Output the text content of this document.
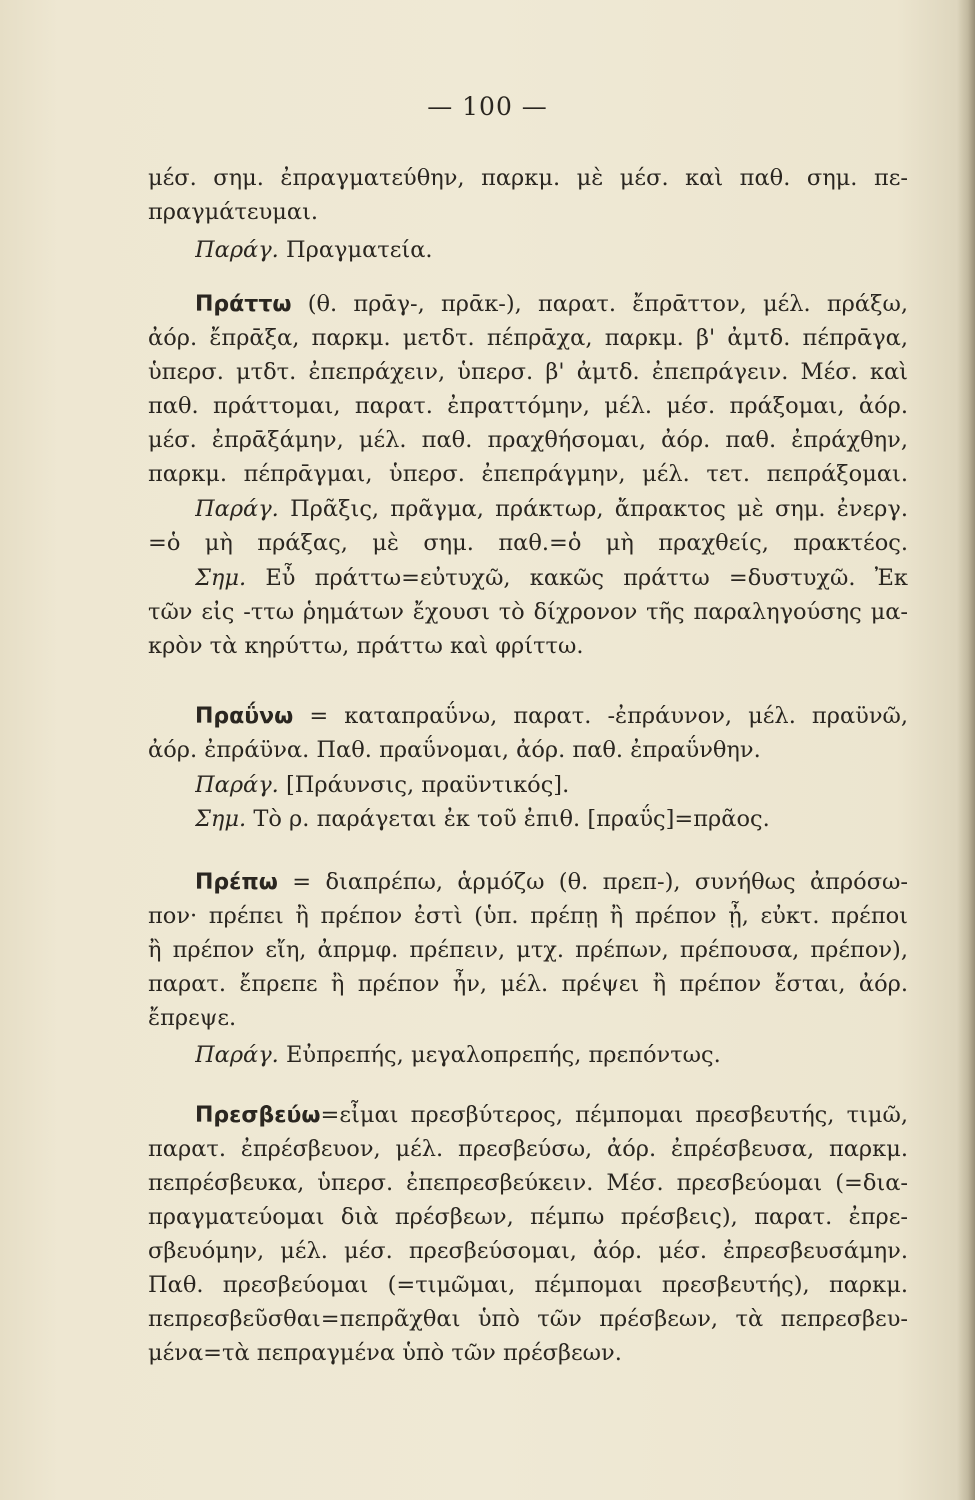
— 100 —
μέσ. σημ. ἐπραγματεύθην, παρκμ. μὲ μέσ. καὶ παθ. σημ. πε-
πραγμάτευμαι.
Παράγ. Πραγματεία.
Πράττω (θ. πρᾱγ-, πρᾱκ-), παρατ. ἔπρᾱττον, μέλ. πράξω,
ἀόρ. ἔπρᾱξα, παρκμ. μετδτ. πέπρᾱχα, παρκμ. β' ἀμτδ. πέπρᾱγα,
ὑπερσ. μτδτ. ἐπεπράχειν, ὑπερσ. β' ἀμτδ. ἐπεπράγειν. Μέσ. καὶ
παθ. πράττομαι, παρατ. ἐπραττόμην, μέλ. μέσ. πράξομαι, ἀόρ.
μέσ. ἐπρᾱξάμην, μέλ. παθ. πραχθήσομαι, ἀόρ. παθ. ἐπράχθην,
παρκμ. πέπρᾱγμαι, ὑπερσ. ἐπεπράγμην, μέλ. τετ. πεπράξομαι.
Παράγ. Πρᾶξις, πρᾶγμα, πράκτωρ, ἄπρακτος μὲ σημ. ἐνεργ.
=ὁ μὴ πράξας, μὲ σημ. παθ.=ὁ μὴ πραχθείς, πρακτέος.
Σημ. Εὖ πράττω=εὐτυχῶ, κακῶς πράττω =δυστυχῶ. Ἐκ
τῶν εἰς -ττω ῥημάτων ἔχουσι τὸ δίχρονον τῆς παραληγούσης μα-
κρὸν τὰ κηρύττω, πράττω καὶ φρίττω.
Πραΰνω = καταπραΰνω, παρατ. -ἐπράυνον, μέλ. πραϋνῶ,
ἀόρ. ἐπράϋνα. Παθ. πραΰνομαι, ἀόρ. παθ. ἐπραΰνθην.
Παράγ. [Πράυνσις, πραϋντικός].
Σημ. Τὸ ρ. παράγεται ἐκ τοῦ ἐπιθ. [πραΰς]=πρᾶος.
Πρέπω = διαπρέπω, ἁρμόζω (θ. πρεπ-), συνήθως ἀπρόσω-
πον· πρέπει ἢ πρέπον ἐστὶ (ὑπ. πρέπῃ ἢ πρέπον ᾖ, εὐκτ. πρέποι
ἢ πρέπον εἴη, ἀπρμφ. πρέπειν, μτχ. πρέπων, πρέπουσα, πρέπον),
παρατ. ἔπρεπε ἢ πρέπον ἦν, μέλ. πρέψει ἢ πρέπον ἔσται, ἀόρ.
ἔπρεψε.
Παράγ. Εὐπρεπής, μεγαλοπρεπής, πρεπόντως.
Πρεσβεύω=εἶμαι πρεσβύτερος, πέμπομαι πρεσβευτής, τιμῶ,
παρατ. ἐπρέσβευον, μέλ. πρεσβεύσω, ἀόρ. ἐπρέσβευσα, παρκμ.
πεπρέσβευκα, ὑπερσ. ἐπεπρεσβεύκειν. Μέσ. πρεσβεύομαι (=δια-
πραγματεύομαι διὰ πρέσβεων, πέμπω πρέσβεις), παρατ. ἐπρε-
σβευόμην, μέλ. μέσ. πρεσβεύσομαι, ἀόρ. μέσ. ἐπρεσβευσάμην.
Παθ. πρεσβεύομαι (=τιμῶμαι, πέμπομαι πρεσβευτής), παρκμ.
πεπρεσβεῦσθαι=πεπρᾶχθαι ὑπὸ τῶν πρέσβεων, τὰ πεπρεσβευ-
μένα=τὰ πεπραγμένα ὑπὸ τῶν πρέσβεων.
